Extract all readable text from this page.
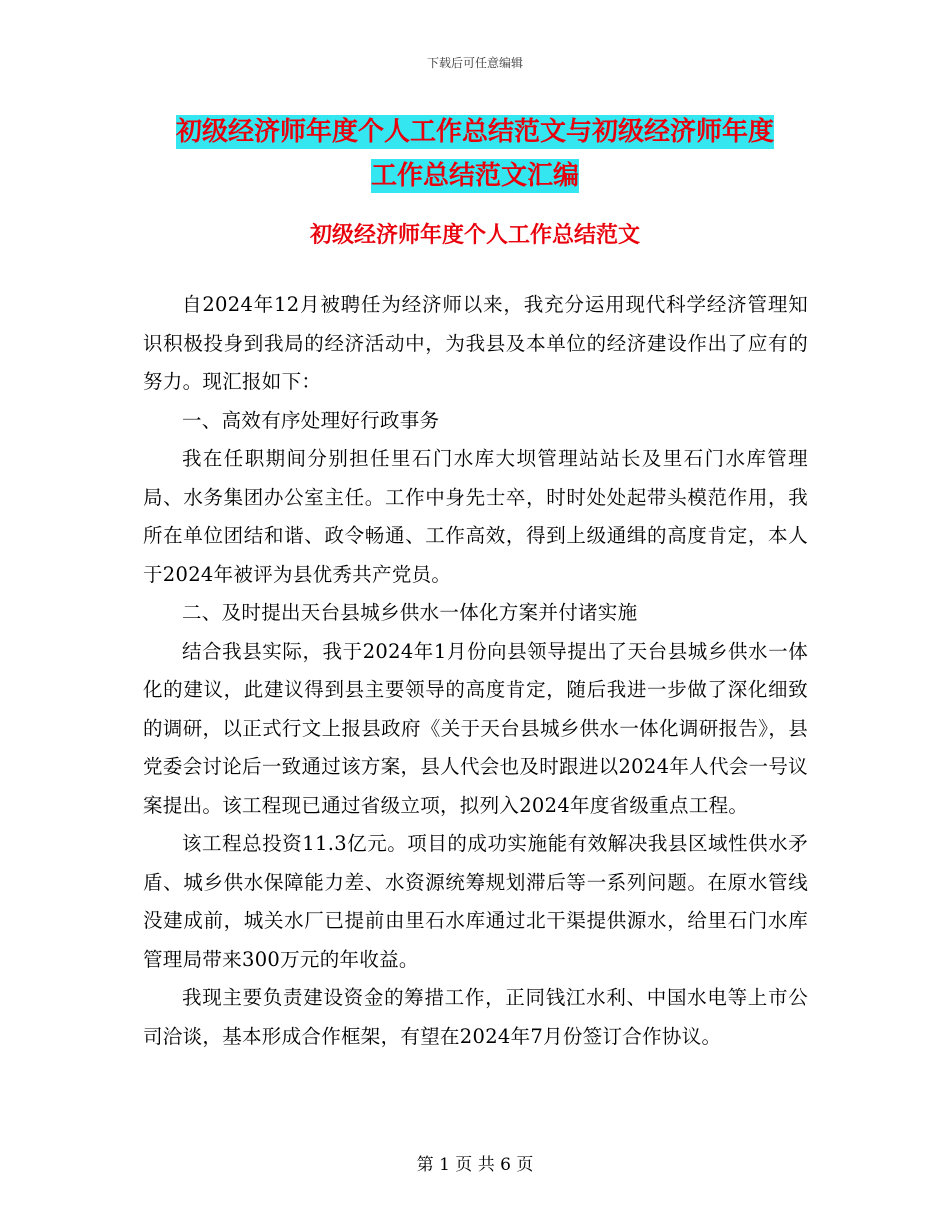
下载后可任意编辑
初级经济师年度个人工作总结范文与初级经济师年度
工作总结范文汇编
初级经济师年度个人工作总结范文

自2024年12月被聘任为经济师以来，我充分运用现代科学经济管理知识积极投身到我局的经济活动中，为我县及本单位的经济建设作出了应有的努力。现汇报如下：

一、高效有序处理好行政事务

我在任职期间分别担任里石门水库大坝管理站站长及里石门水库管理局、水务集团办公室主任。工作中身先士卒，时时处处起带头模范作用，我所在单位团结和谐、政令畅通、工作高效，得到上级通缉的高度肯定，本人于2024年被评为县优秀共产党员。

二、及时提出天台县城乡供水一体化方案并付诸实施

结合我县实际，我于2024年1月份向县领导提出了天台县城乡供水一体化的建议，此建议得到县主要领导的高度肯定，随后我进一步做了深化细致的调研，以正式行文上报县政府《关于天台县城乡供水一体化调研报告》，县党委会讨论后一致通过该方案，县人代会也及时跟进以2024年人代会一号议案提出。该工程现已通过省级立项，拟列入2024年度省级重点工程。

该工程总投资11.3亿元。项目的成功实施能有效解决我县区域性供水矛盾、城乡供水保障能力差、水资源统筹规划滞后等一系列问题。在原水管线没建成前，城关水厂已提前由里石水库通过北干渠提供源水，给里石门水库管理局带来300万元的年收益。

我现主要负责建设资金的筹措工作，正同钱江水利、中国水电等上市公司洽谈，基本形成合作框架，有望在2024年7月份签订合作协议。

第 1 页 共 6 页
